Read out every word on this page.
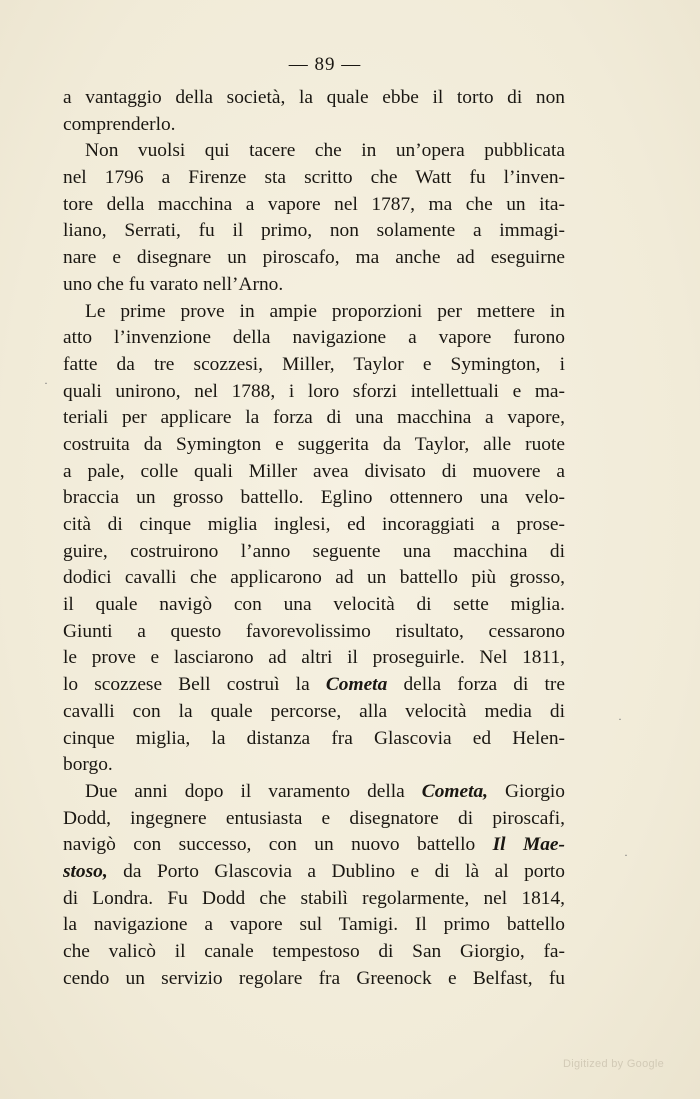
— 89 —
a vantaggio della società, la quale ebbe il torto di non
comprenderlo.
Non vuolsi qui tacere che in un’opera pubblicata
nel 1796 a Firenze sta scritto che Watt fu l’inven-
tore della macchina a vapore nel 1787, ma che un ita-
liano, Serrati, fu il primo, non solamente a immagi-
nare e disegnare un piroscafo, ma anche ad eseguirne
uno che fu varato nell’Arno.
Le prime prove in ampie proporzioni per mettere in
atto l’invenzione della navigazione a vapore furono
fatte da tre scozzesi, Miller, Taylor e Symington, i
quali unirono, nel 1788, i loro sforzi intellettuali e ma-
teriali per applicare la forza di una macchina a vapore,
costruita da Symington e suggerita da Taylor, alle ruote
a pale, colle quali Miller avea divisato di muovere a
braccia un grosso battello. Eglino ottennero una velo-
cità di cinque miglia inglesi, ed incoraggiati a prose-
guire, costruirono l’anno seguente una macchina di
dodici cavalli che applicarono ad un battello più grosso,
il quale navigò con una velocità di sette miglia.
Giunti a questo favorevolissimo risultato, cessarono
le prove e lasciarono ad altri il proseguirle. Nel 1811,
lo scozzese Bell costruì la Cometa della forza di tre
cavalli con la quale percorse, alla velocità media di
cinque miglia, la distanza fra Glascovia ed Helen-
borgo.
Due anni dopo il varamento della Cometa, Giorgio
Dodd, ingegnere entusiasta e disegnatore di piroscafi,
navigò con successo, con un nuovo battello Il Mae-
stoso, da Porto Glascovia a Dublino e di là al porto
di Londra. Fu Dodd che stabilì regolarmente, nel 1814,
la navigazione a vapore sul Tamigi. Il primo battello
che valicò il canale tempestoso di San Giorgio, fa-
cendo un servizio regolare fra Greenock e Belfast, fu
·
·
·
Digitized by Google
